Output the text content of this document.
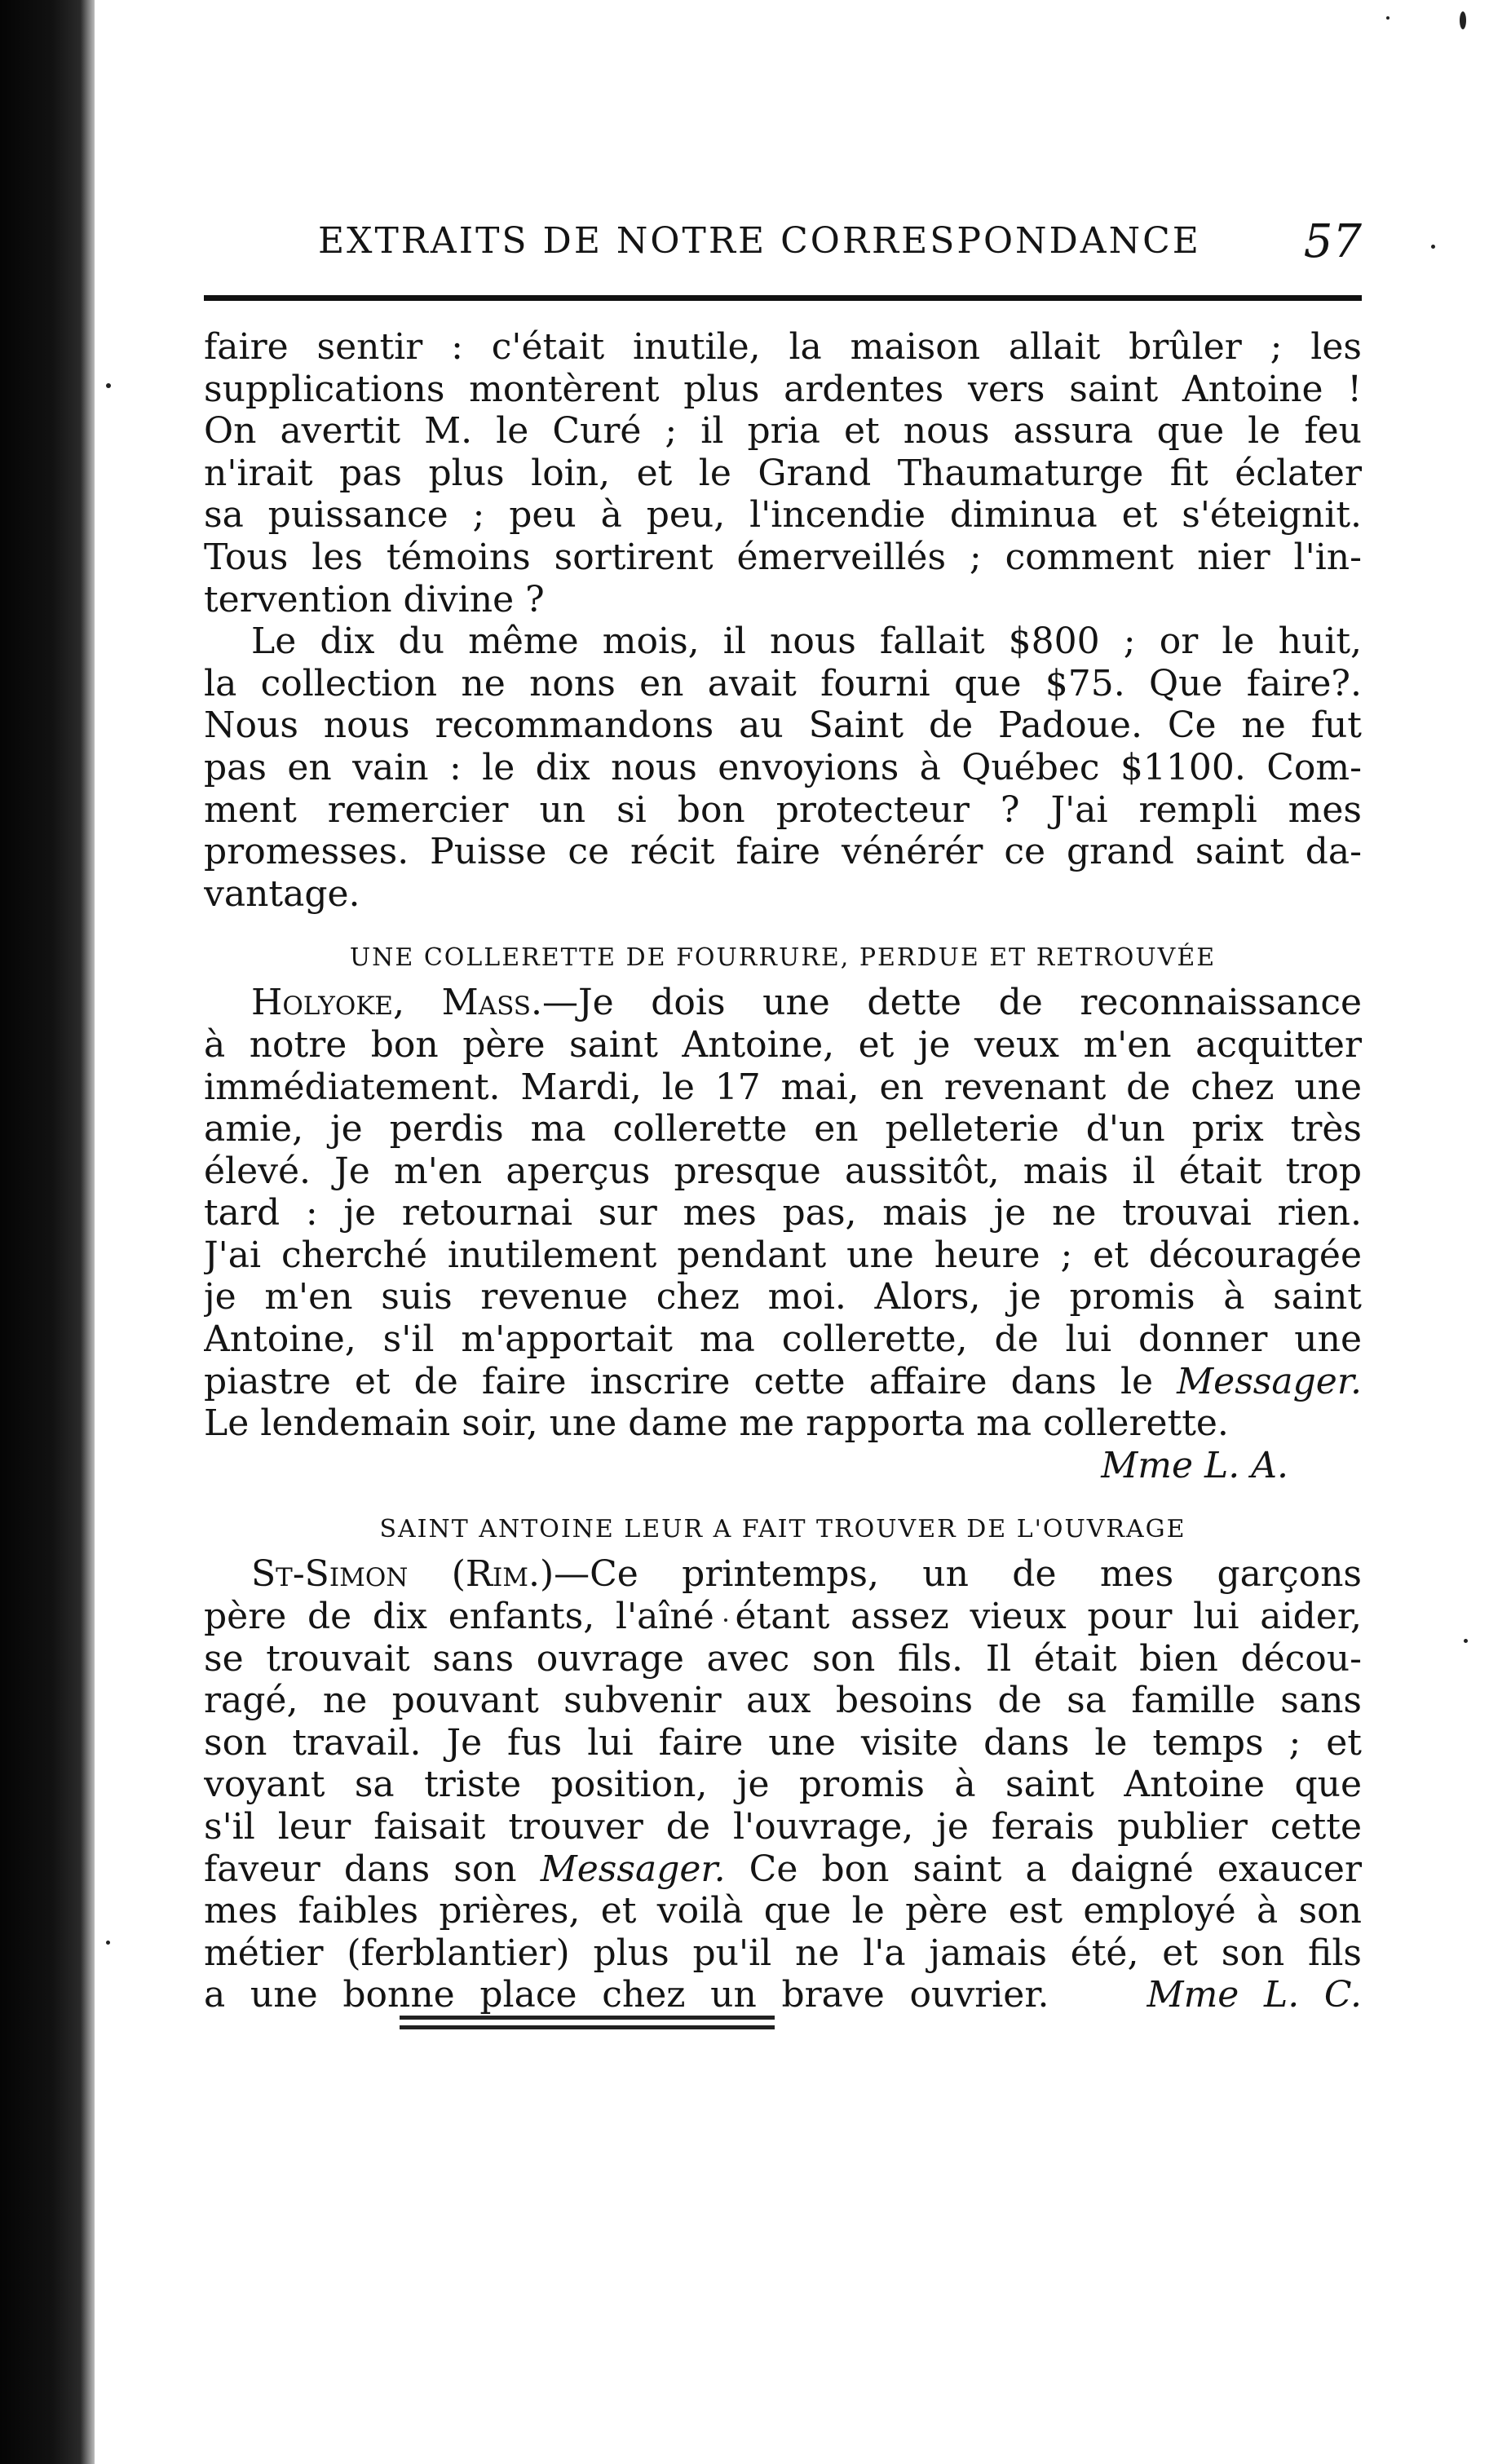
EXTRAITS DE NOTRE CORRESPONDANCE 57
faire sentir : c'était inutile, la maison allait brûler ; les
supplications montèrent plus ardentes vers saint Antoine !
On avertit M. le Curé ; il pria et nous assura que le feu
n'irait pas plus loin, et le Grand Thaumaturge fit éclater
sa puissance ; peu à peu, l'incendie diminua et s'éteignit.
Tous les témoins sortirent émerveillés ; comment nier l'in-
tervention divine ?
Le dix du même mois, il nous fallait $800 ; or le huit,
la collection ne nons en avait fourni que $75. Que faire?.
Nous nous recommandons au Saint de Padoue. Ce ne fut
pas en vain : le dix nous envoyions à Québec $1100. Com-
ment remercier un si bon protecteur ? J'ai rempli mes
promesses. Puisse ce récit faire vénérér ce grand saint da-
vantage.
UNE COLLERETTE DE FOURRURE, PERDUE ET RETROUVÉE
Holyoke, Mass.—Je dois une dette de reconnaissance
à notre bon père saint Antoine, et je veux m'en acquitter
immédiatement. Mardi, le 17 mai, en revenant de chez une
amie, je perdis ma collerette en pelleterie d'un prix très
élevé. Je m'en aperçus presque aussitôt, mais il était trop
tard : je retournai sur mes pas, mais je ne trouvai rien.
J'ai cherché inutilement pendant une heure ; et découragée
je m'en suis revenue chez moi. Alors, je promis à saint
Antoine, s'il m'apportait ma collerette, de lui donner une
piastre et de faire inscrire cette affaire dans le Messager.
Le lendemain soir, une dame me rapporta ma collerette.
Mme L. A.
SAINT ANTOINE LEUR A FAIT TROUVER DE L'OUVRAGE
St-Simon (Rim.)—Ce printemps, un de mes garçons
père de dix enfants, l'aîné étant assez vieux pour lui aider,
se trouvait sans ouvrage avec son fils. Il était bien décou-
ragé, ne pouvant subvenir aux besoins de sa famille sans
son travail. Je fus lui faire une visite dans le temps ; et
voyant sa triste position, je promis à saint Antoine que
s'il leur faisait trouver de l'ouvrage, je ferais publier cette
faveur dans son Messager. Ce bon saint a daigné exaucer
mes faibles prières, et voilà que le père est employé à son
métier (ferblantier) plus pu'il ne l'a jamais été, et son fils
a une bonne place chez un brave ouvrier.	Mme L. C.
